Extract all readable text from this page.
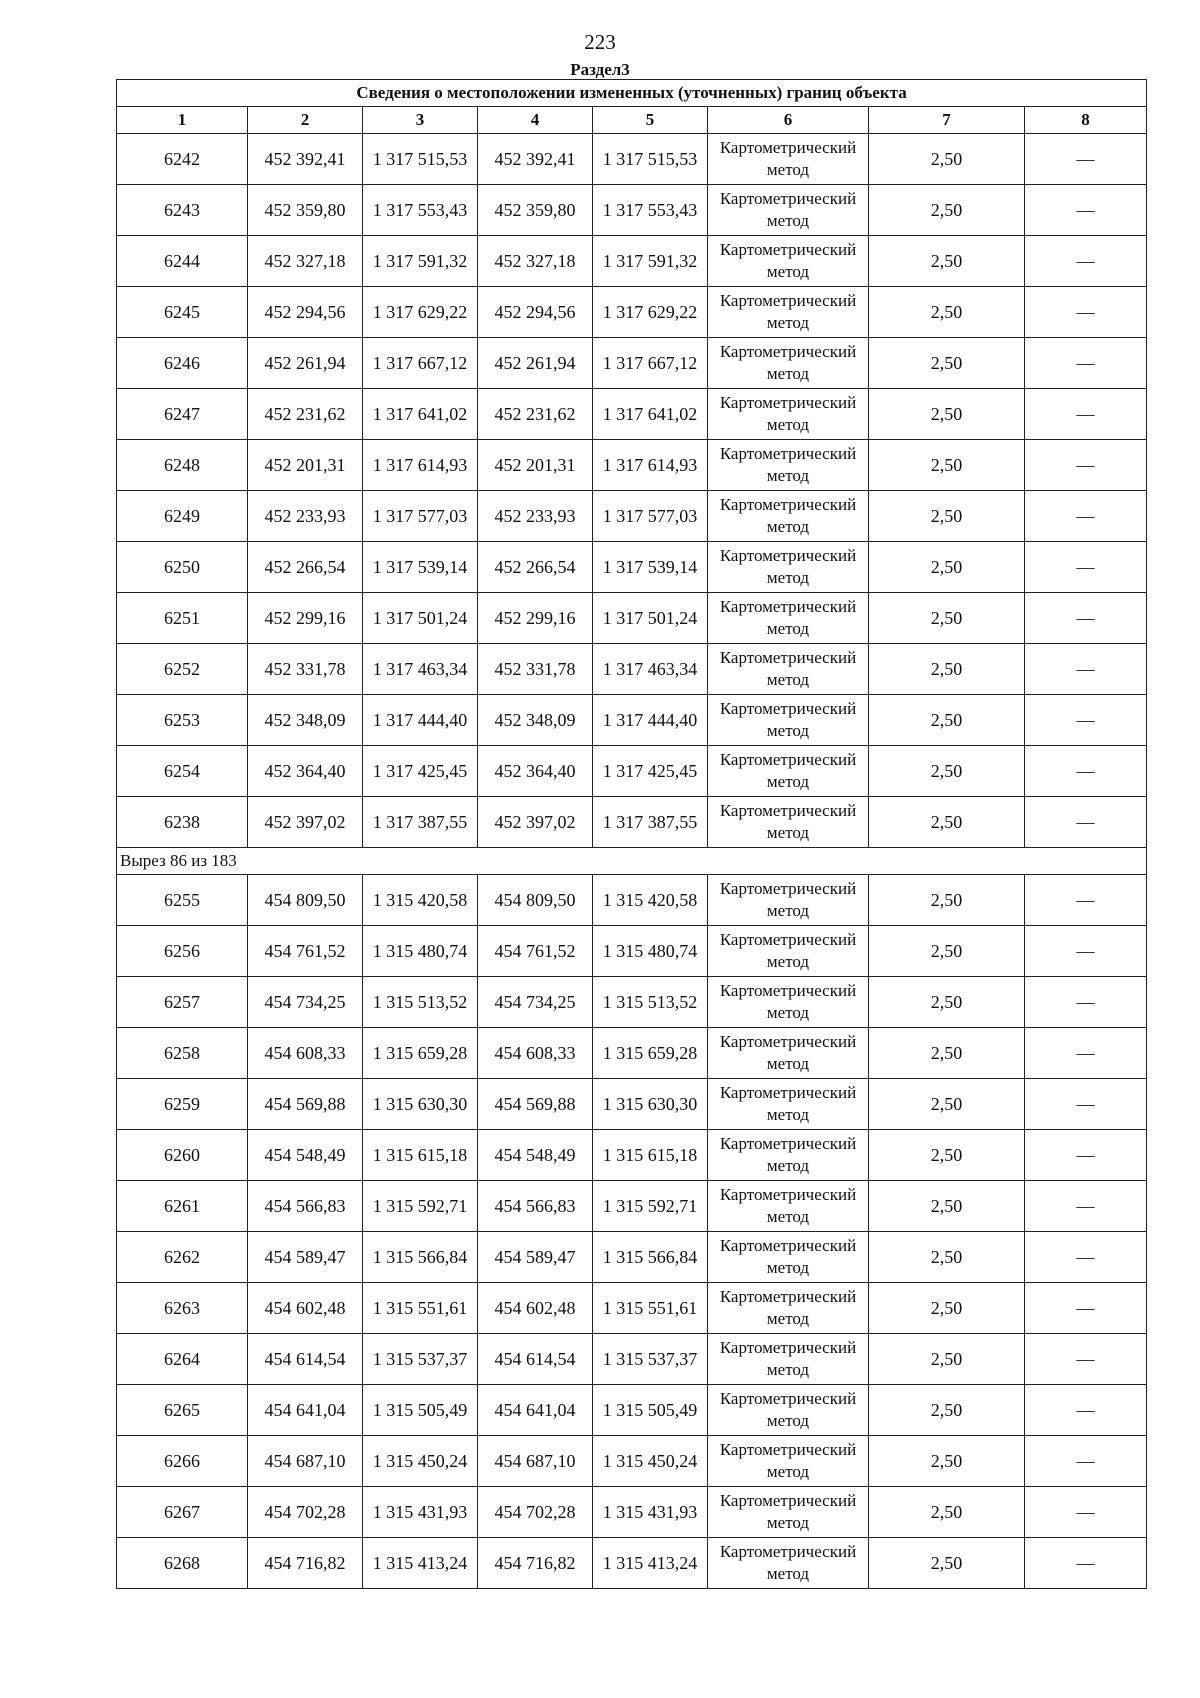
223
Раздел3
Сведения о местоположении измененных (уточненных) границ объекта							
1	2	3	4	5	6	7	8
6242	452 392,41	1 317 515,53	452 392,41	1 317 515,53	Картометрический метод	2,50	—
6243	452 359,80	1 317 553,43	452 359,80	1 317 553,43	Картометрический метод	2,50	—
6244	452 327,18	1 317 591,32	452 327,18	1 317 591,32	Картометрический метод	2,50	—
6245	452 294,56	1 317 629,22	452 294,56	1 317 629,22	Картометрический метод	2,50	—
6246	452 261,94	1 317 667,12	452 261,94	1 317 667,12	Картометрический метод	2,50	—
6247	452 231,62	1 317 641,02	452 231,62	1 317 641,02	Картометрический метод	2,50	—
6248	452 201,31	1 317 614,93	452 201,31	1 317 614,93	Картометрический метод	2,50	—
6249	452 233,93	1 317 577,03	452 233,93	1 317 577,03	Картометрический метод	2,50	—
6250	452 266,54	1 317 539,14	452 266,54	1 317 539,14	Картометрический метод	2,50	—
6251	452 299,16	1 317 501,24	452 299,16	1 317 501,24	Картометрический метод	2,50	—
6252	452 331,78	1 317 463,34	452 331,78	1 317 463,34	Картометрический метод	2,50	—
6253	452 348,09	1 317 444,40	452 348,09	1 317 444,40	Картометрический метод	2,50	—
6254	452 364,40	1 317 425,45	452 364,40	1 317 425,45	Картометрический метод	2,50	—
6238	452 397,02	1 317 387,55	452 397,02	1 317 387,55	Картометрический метод	2,50	—
Вырез 86 из 183							
6255	454 809,50	1 315 420,58	454 809,50	1 315 420,58	Картометрический метод	2,50	—
6256	454 761,52	1 315 480,74	454 761,52	1 315 480,74	Картометрический метод	2,50	—
6257	454 734,25	1 315 513,52	454 734,25	1 315 513,52	Картометрический метод	2,50	—
6258	454 608,33	1 315 659,28	454 608,33	1 315 659,28	Картометрический метод	2,50	—
6259	454 569,88	1 315 630,30	454 569,88	1 315 630,30	Картометрический метод	2,50	—
6260	454 548,49	1 315 615,18	454 548,49	1 315 615,18	Картометрический метод	2,50	—
6261	454 566,83	1 315 592,71	454 566,83	1 315 592,71	Картометрический метод	2,50	—
6262	454 589,47	1 315 566,84	454 589,47	1 315 566,84	Картометрический метод	2,50	—
6263	454 602,48	1 315 551,61	454 602,48	1 315 551,61	Картометрический метод	2,50	—
6264	454 614,54	1 315 537,37	454 614,54	1 315 537,37	Картометрический метод	2,50	—
6265	454 641,04	1 315 505,49	454 641,04	1 315 505,49	Картометрический метод	2,50	—
6266	454 687,10	1 315 450,24	454 687,10	1 315 450,24	Картометрический метод	2,50	—
6267	454 702,28	1 315 431,93	454 702,28	1 315 431,93	Картометрический метод	2,50	—
6268	454 716,82	1 315 413,24	454 716,82	1 315 413,24	Картометрический метод	2,50	—
